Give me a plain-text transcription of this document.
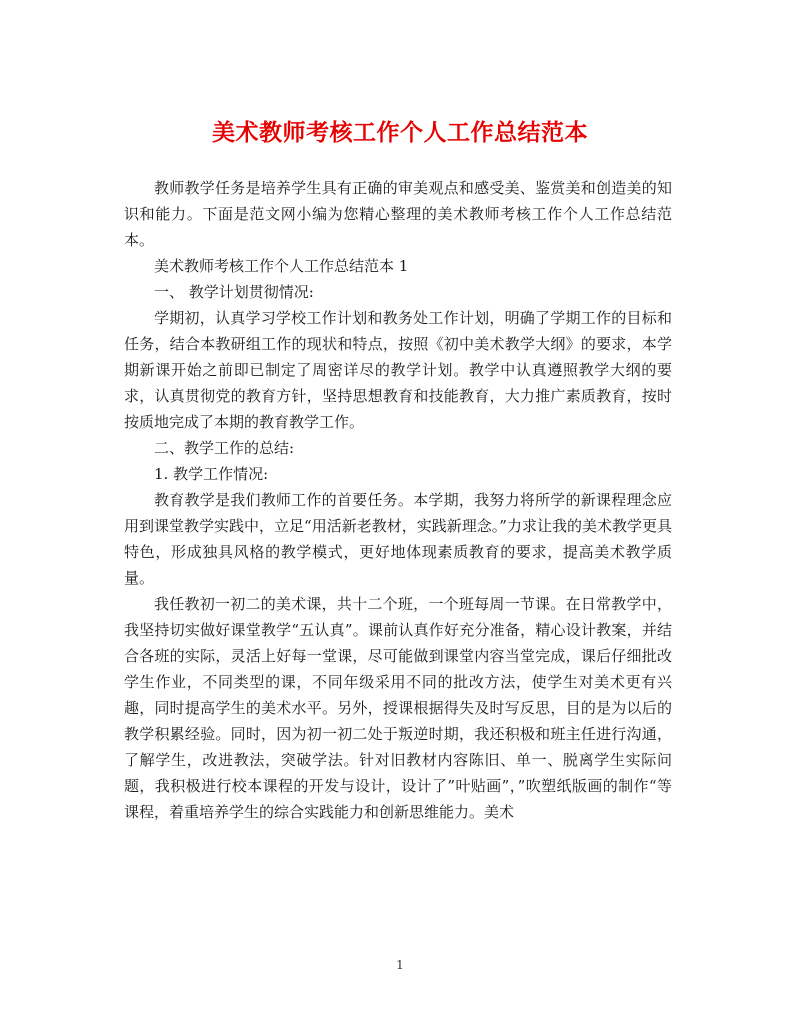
美术教师考核工作个人工作总结范本

教师教学任务是培养学生具有正确的审美观点和感受美、鉴赏美和创造美的知识和能力。下面是范文网小编为您精心整理的美术教师考核工作个人工作总结范本。

美术教师考核工作个人工作总结范本 1

一、 教学计划贯彻情况:

学期初，认真学习学校工作计划和教务处工作计划，明确了学期工作的目标和任务，结合本教研组工作的现状和特点，按照《初中美术教学大纲》的要求，本学期新课开始之前即已制定了周密详尽的教学计划。教学中认真遵照教学大纲的要求，认真贯彻党的教育方针，坚持思想教育和技能教育，大力推广素质教育，按时按质地完成了本期的教育教学工作。

二、教学工作的总结:

1. 教学工作情况:

教育教学是我们教师工作的首要任务。本学期，我努力将所学的新课程理念应用到课堂教学实践中，立足“用活新老教材，实践新理念。”力求让我的美术教学更具特色，形成独具风格的教学模式，更好地体现素质教育的要求，提高美术教学质量。

我任教初一初二的美术课，共十二个班，一个班每周一节课。在日常教学中，我坚持切实做好课堂教学“五认真”。课前认真作好充分准备，精心设计教案，并结合各班的实际，灵活上好每一堂课，尽可能做到课堂内容当堂完成，课后仔细批改学生作业，不同类型的课，不同年级采用不同的批改方法，使学生对美术更有兴趣，同时提高学生的美术水平。另外，授课根据得失及时写反思，目的是为以后的教学积累经验。同时，因为初一初二处于叛逆时期，我还积极和班主任进行沟通，了解学生，改进教法，突破学法。针对旧教材内容陈旧、单一、脱离学生实际问题，我积极进行校本课程的开发与设计，设计了”叶贴画”，”吹塑纸版画的制作“等课程，着重培养学生的综合实践能力和创新思维能力。美术

1
